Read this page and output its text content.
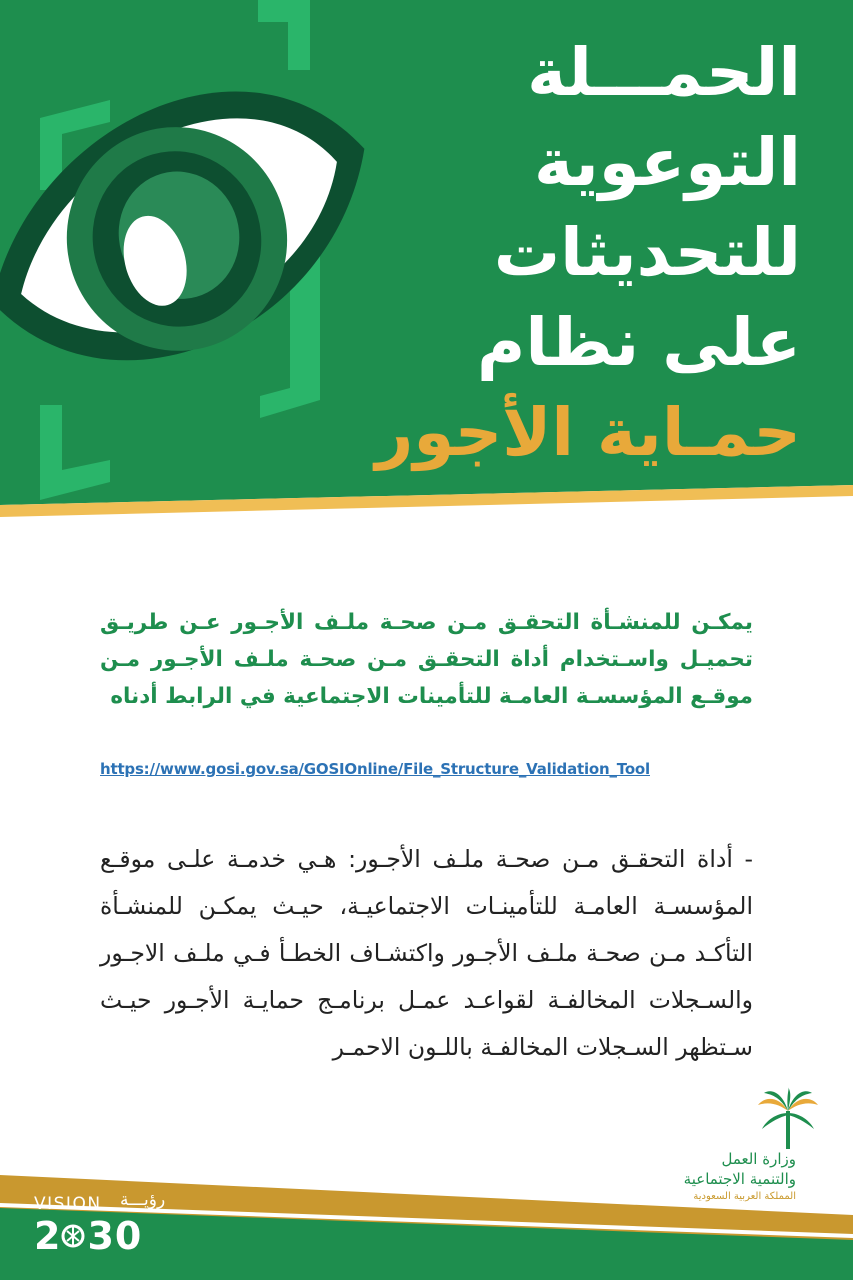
الحمـــلة
التوعوية
للتحديثات
على نظام
حمـاية الأجور

يمكـن للمنشـأة التحقـق مـن صحـة ملـف الأجـور عـن طريـق تحميـل واسـتخدام أداة التحقـق مـن صحـة ملـف الأجـور مـن موقـع المؤسسـة العامـة للتأمينات الاجتماعية في الرابط أدناه

https://www.gosi.gov.sa/GOSIOnline/File_Structure_Validation_Tool

- أداة التحقـق مـن صحـة ملـف الأجـور: هـي خدمـة علـى موقـع المؤسسـة العامـة للتأمينـات الاجتماعيـة، حيـث يمكـن للمنشـأة التأكـد مـن صحـة ملـف الأجـور واكتشـاف الخطـأ فـي ملـف الاجـور والسـجلات المخالفـة لقواعـد عمـل برنامـج حمايـة الأجـور حيـث سـتظهر السـجلات المخالفـة باللـون الاحمـر

وزارة العمل
والتنمية الاجتماعية
المملكة العربية السعودية
VISION رؤيـــة
2 30
